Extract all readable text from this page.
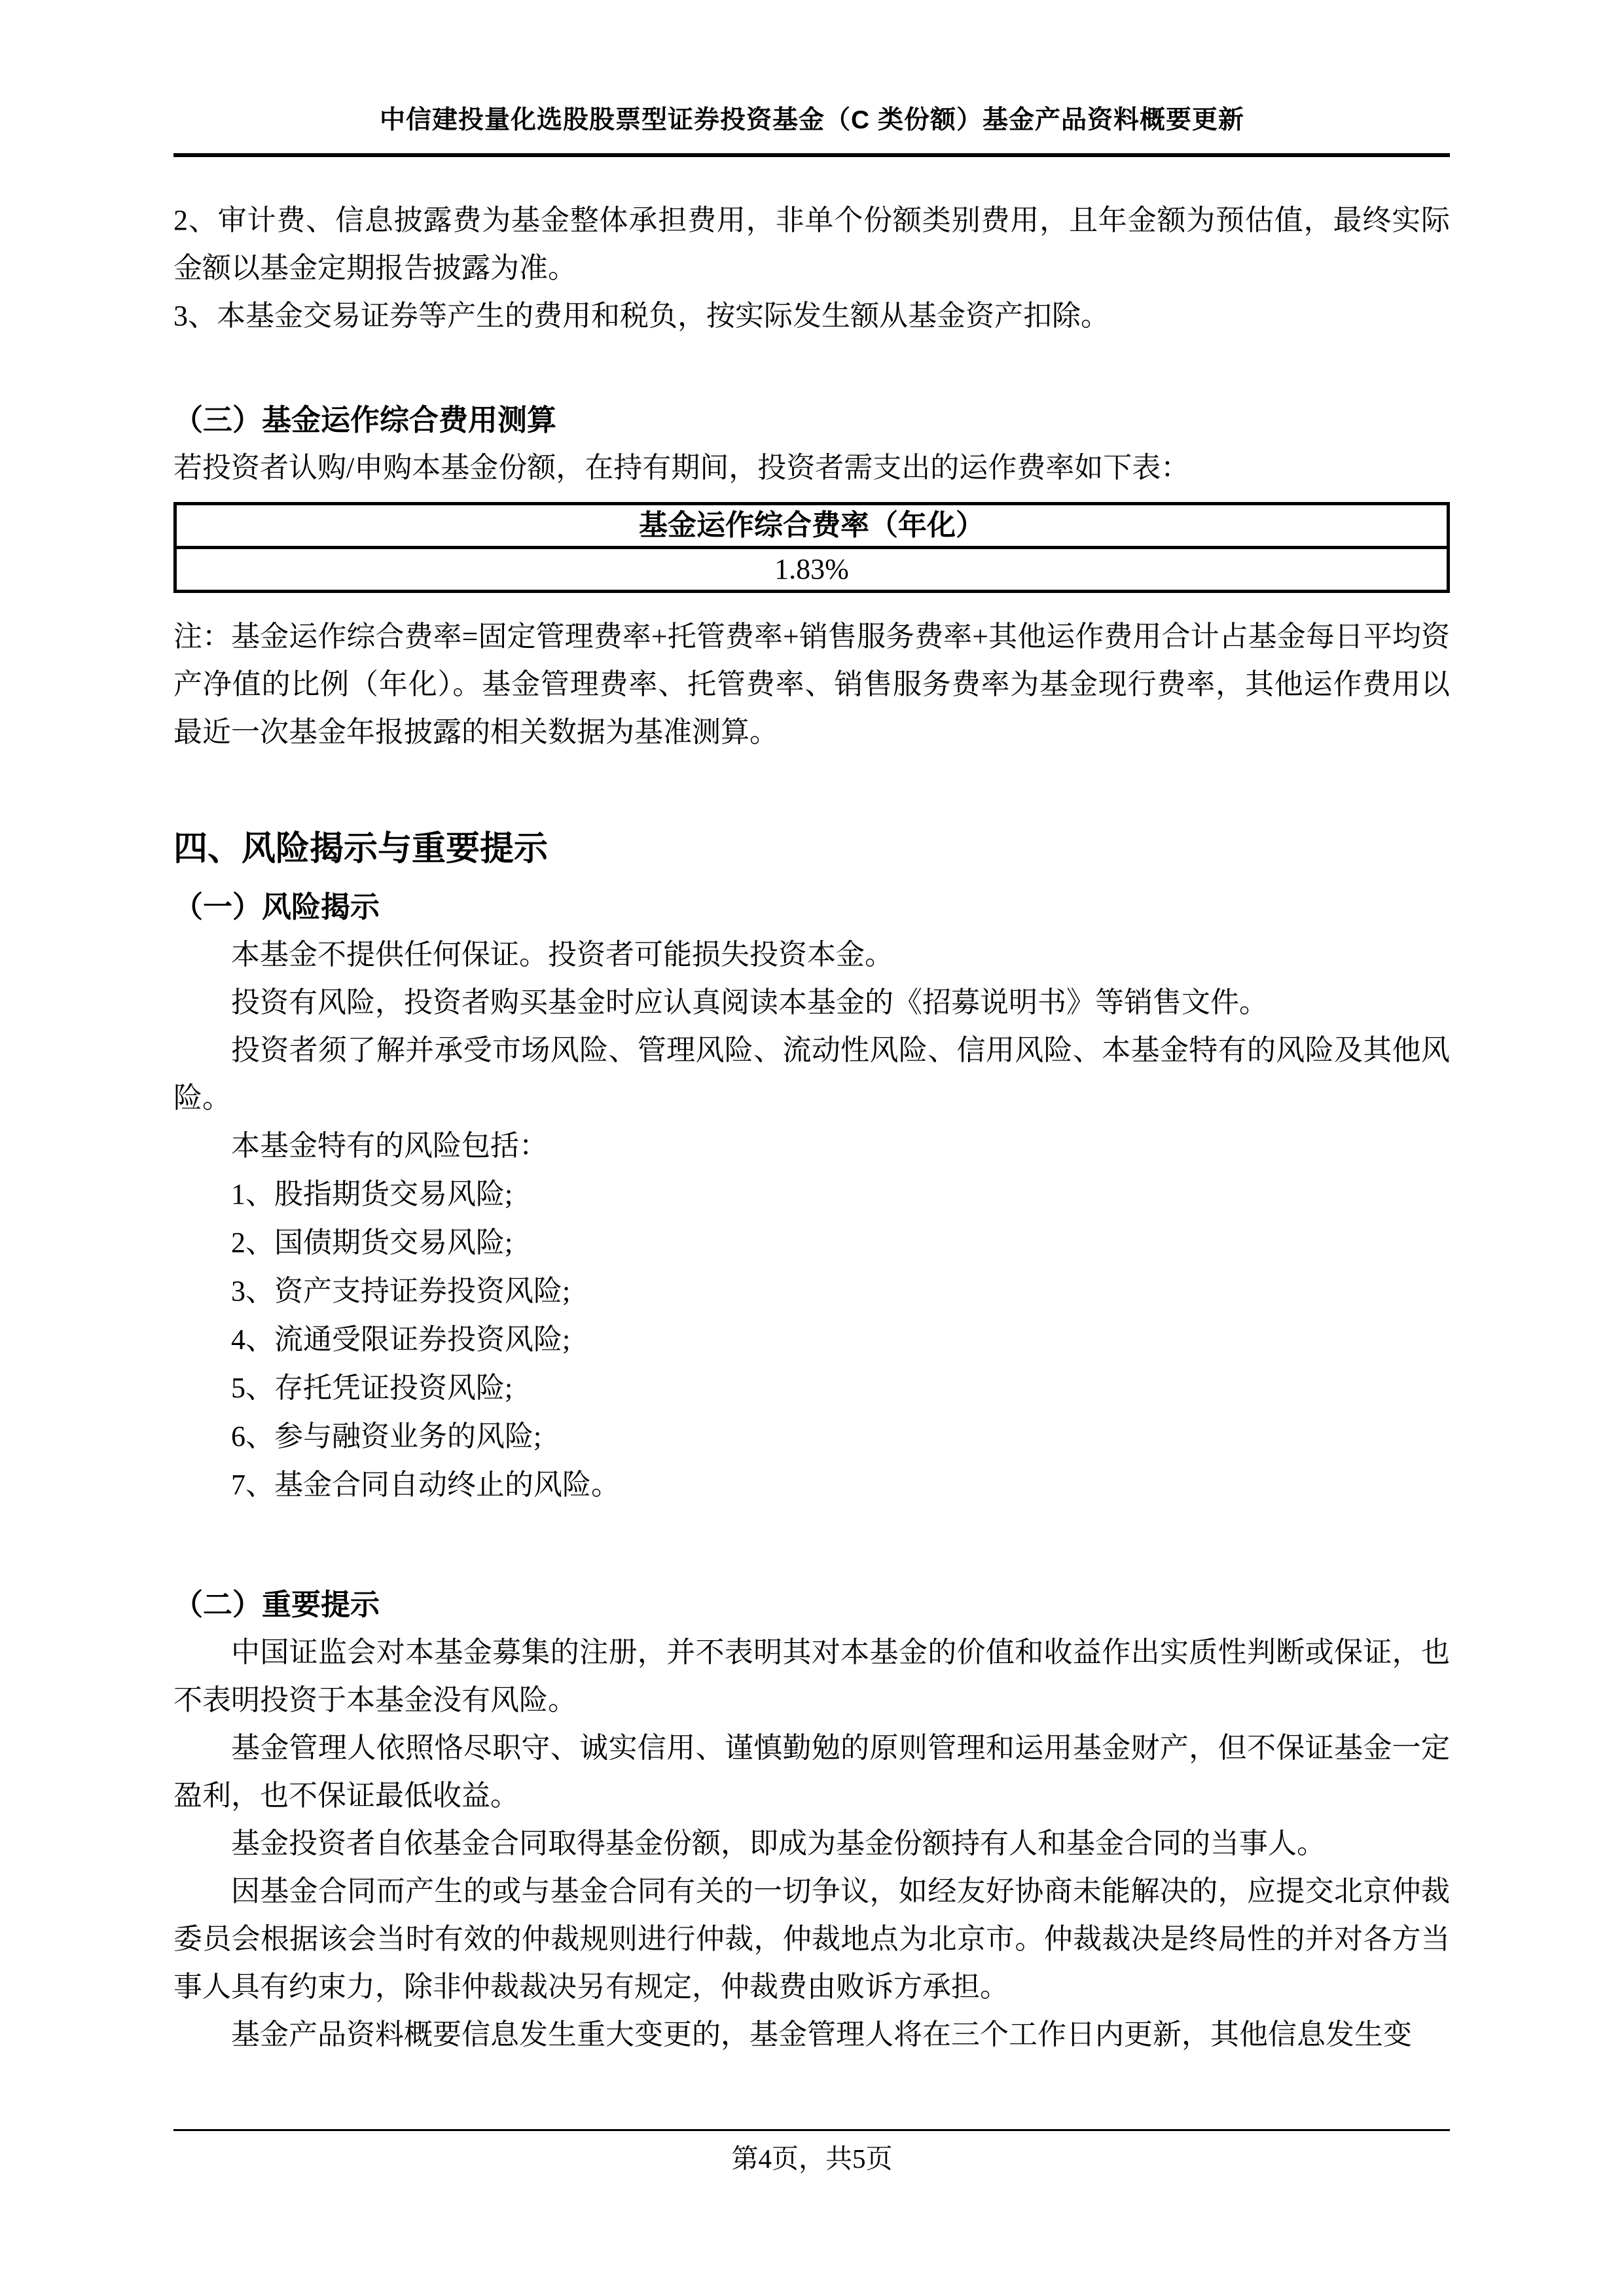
中信建投量化选股股票型证券投资基金（C 类份额）基金产品资料概要更新

2、审计费、信息披露费为基金整体承担费用，非单个份额类别费用，且年金额为预估值，最终实际金额以基金定期报告披露为准。

3、本基金交易证券等产生的费用和税负，按实际发生额从基金资产扣除。

（三）基金运作综合费用测算

若投资者认购/申购本基金份额，在持有期间，投资者需支出的运作费率如下表：

基金运作综合费率（年化）
1.83%

注：基金运作综合费率=固定管理费率+托管费率+销售服务费率+其他运作费用合计占基金每日平均资产净值的比例（年化）。基金管理费率、托管费率、销售服务费率为基金现行费率，其他运作费用以最近一次基金年报披露的相关数据为基准测算。

四、风险揭示与重要提示

（一）风险揭示

本基金不提供任何保证。投资者可能损失投资本金。

投资有风险，投资者购买基金时应认真阅读本基金的《招募说明书》等销售文件。

投资者须了解并承受市场风险、管理风险、流动性风险、信用风险、本基金特有的风险及其他风险。

本基金特有的风险包括：

1、股指期货交易风险;

2、国债期货交易风险;

3、资产支持证券投资风险;

4、流通受限证券投资风险;

5、存托凭证投资风险;

6、参与融资业务的风险;

7、基金合同自动终止的风险。

（二）重要提示

中国证监会对本基金募集的注册，并不表明其对本基金的价值和收益作出实质性判断或保证，也不表明投资于本基金没有风险。

基金管理人依照恪尽职守、诚实信用、谨慎勤勉的原则管理和运用基金财产，但不保证基金一定盈利，也不保证最低收益。

基金投资者自依基金合同取得基金份额，即成为基金份额持有人和基金合同的当事人。

因基金合同而产生的或与基金合同有关的一切争议，如经友好协商未能解决的，应提交北京仲裁委员会根据该会当时有效的仲裁规则进行仲裁，仲裁地点为北京市。仲裁裁决是终局性的并对各方当事人具有约束力，除非仲裁裁决另有规定，仲裁费由败诉方承担。

基金产品资料概要信息发生重大变更的，基金管理人将在三个工作日内更新，其他信息发生变

第4页，共5页
